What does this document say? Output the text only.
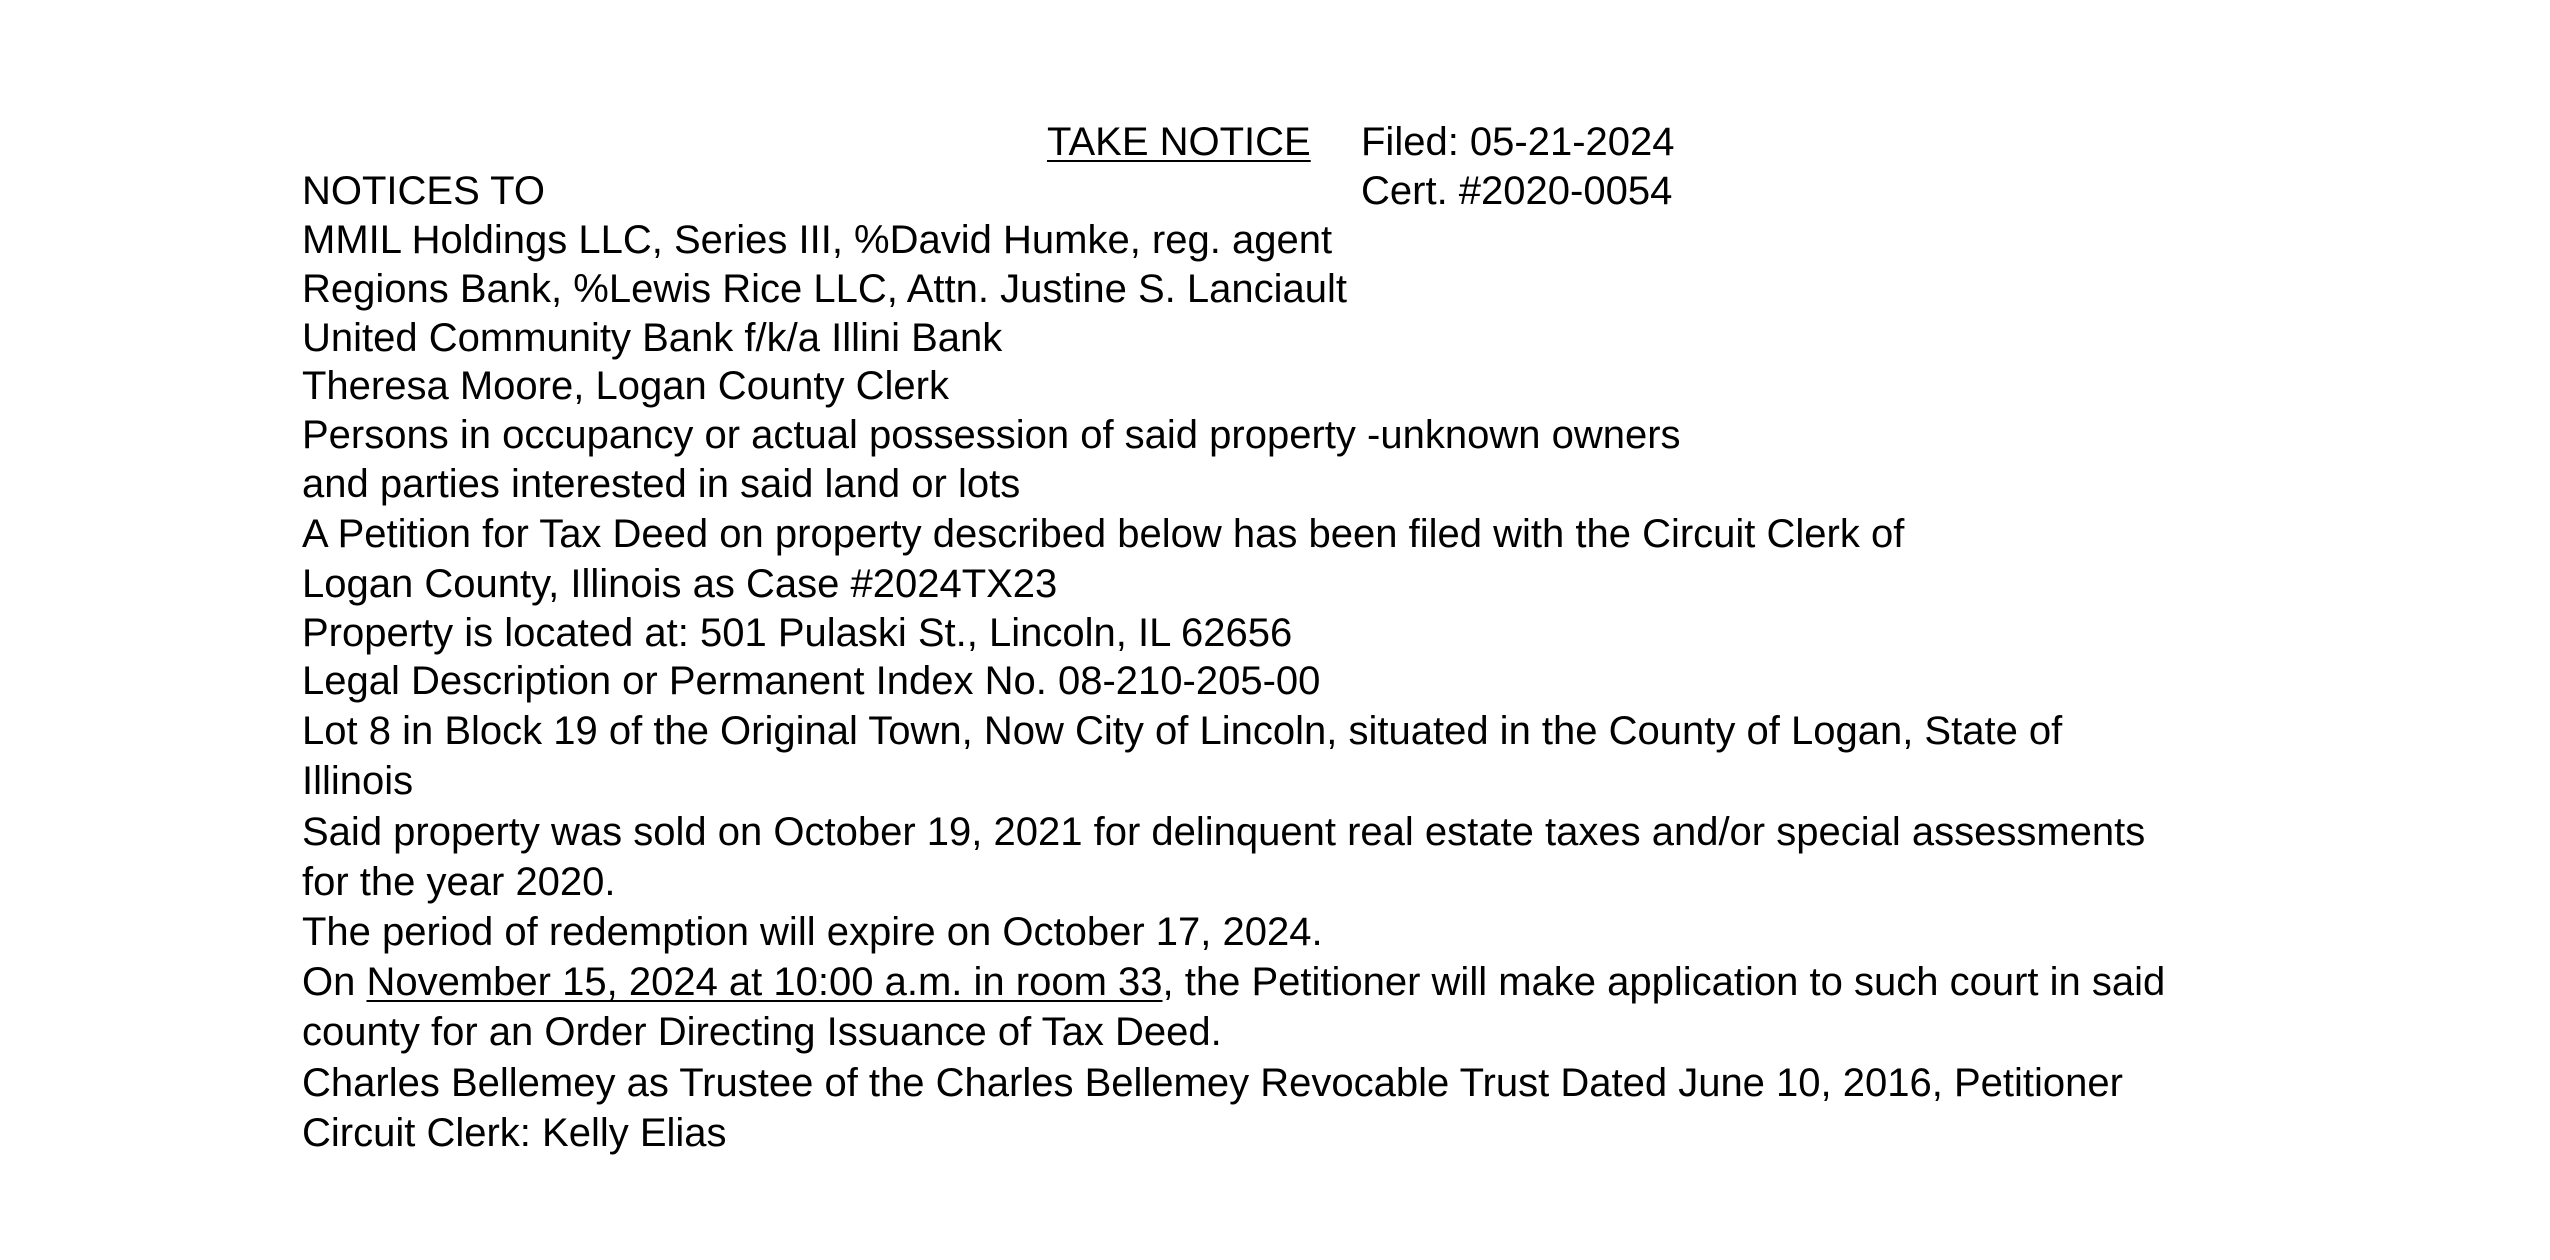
TAKE NOTICE Filed: 05-21-2024
Cert. #2020-0054
NOTICES TO
MMIL Holdings LLC, Series III, %David Humke, reg. agent
Regions Bank, %Lewis Rice LLC, Attn. Justine S. Lanciault
United Community Bank f/k/a Illini Bank
Theresa Moore, Logan County Clerk
Persons in occupancy or actual possession of said property -unknown owners
and parties interested in said land or lots
A Petition for Tax Deed on property described below has been filed with the Circuit Clerk of
Logan County, Illinois as Case #2024TX23
Property is located at: 501 Pulaski St., Lincoln, IL 62656
Legal Description or Permanent Index No. 08-210-205-00
Lot 8 in Block 19 of the Original Town, Now City of Lincoln, situated in the County of Logan, State of
Illinois
Said property was sold on October 19, 2021 for delinquent real estate taxes and/or special assessments
for the year 2020.
The period of redemption will expire on October 17, 2024.
On November 15, 2024 at 10:00 a.m. in room 33, the Petitioner will make application to such court in said
county for an Order Directing Issuance of Tax Deed.
Charles Bellemey as Trustee of the Charles Bellemey Revocable Trust Dated June 10, 2016, Petitioner
Circuit Clerk: Kelly Elias
